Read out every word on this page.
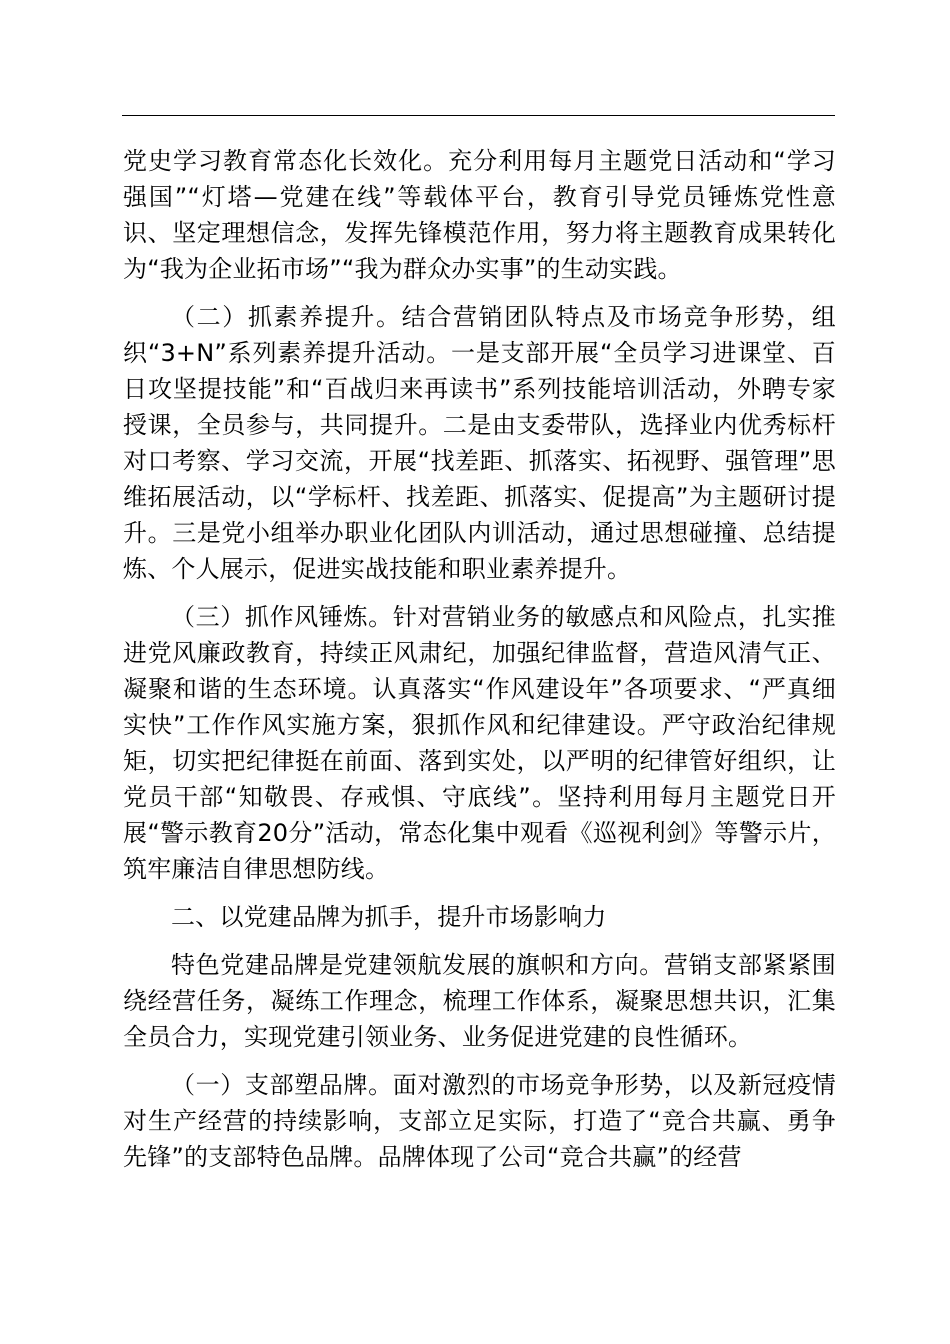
党史学习教育常态化长效化。充分利用每月主题党日活动和“学习强国”“灯塔—党建在线”等载体平台，教育引导党员锤炼党性意识、坚定理想信念，发挥先锋模范作用，努力将主题教育成果转化为“我为企业拓市场”“我为群众办实事”的生动实践。

（二）抓素养提升。结合营销团队特点及市场竞争形势，组织“3+N”系列素养提升活动。一是支部开展“全员学习进课堂、百日攻坚提技能”和“百战归来再读书”系列技能培训活动，外聘专家授课，全员参与，共同提升。二是由支委带队，选择业内优秀标杆对口考察、学习交流，开展“找差距、抓落实、拓视野、强管理”思维拓展活动，以“学标杆、找差距、抓落实、促提高”为主题研讨提升。三是党小组举办职业化团队内训活动，通过思想碰撞、总结提炼、个人展示，促进实战技能和职业素养提升。

（三）抓作风锤炼。针对营销业务的敏感点和风险点，扎实推进党风廉政教育，持续正风肃纪，加强纪律监督，营造风清气正、凝聚和谐的生态环境。认真落实“作风建设年”各项要求、“严真细实快”工作作风实施方案，狠抓作风和纪律建设。严守政治纪律规矩，切实把纪律挺在前面、落到实处，以严明的纪律管好组织，让党员干部“知敬畏、存戒惧、守底线”。坚持利用每月主题党日开展“警示教育20分”活动，常态化集中观看《巡视利剑》等警示片，筑牢廉洁自律思想防线。

二、以党建品牌为抓手，提升市场影响力

特色党建品牌是党建领航发展的旗帜和方向。营销支部紧紧围绕经营任务，凝练工作理念，梳理工作体系，凝聚思想共识，汇集全员合力，实现党建引领业务、业务促进党建的良性循环。

（一）支部塑品牌。面对激烈的市场竞争形势，以及新冠疫情对生产经营的持续影响，支部立足实际，打造了“竞合共赢、勇争先锋”的支部特色品牌。品牌体现了公司“竞合共赢”的经营
